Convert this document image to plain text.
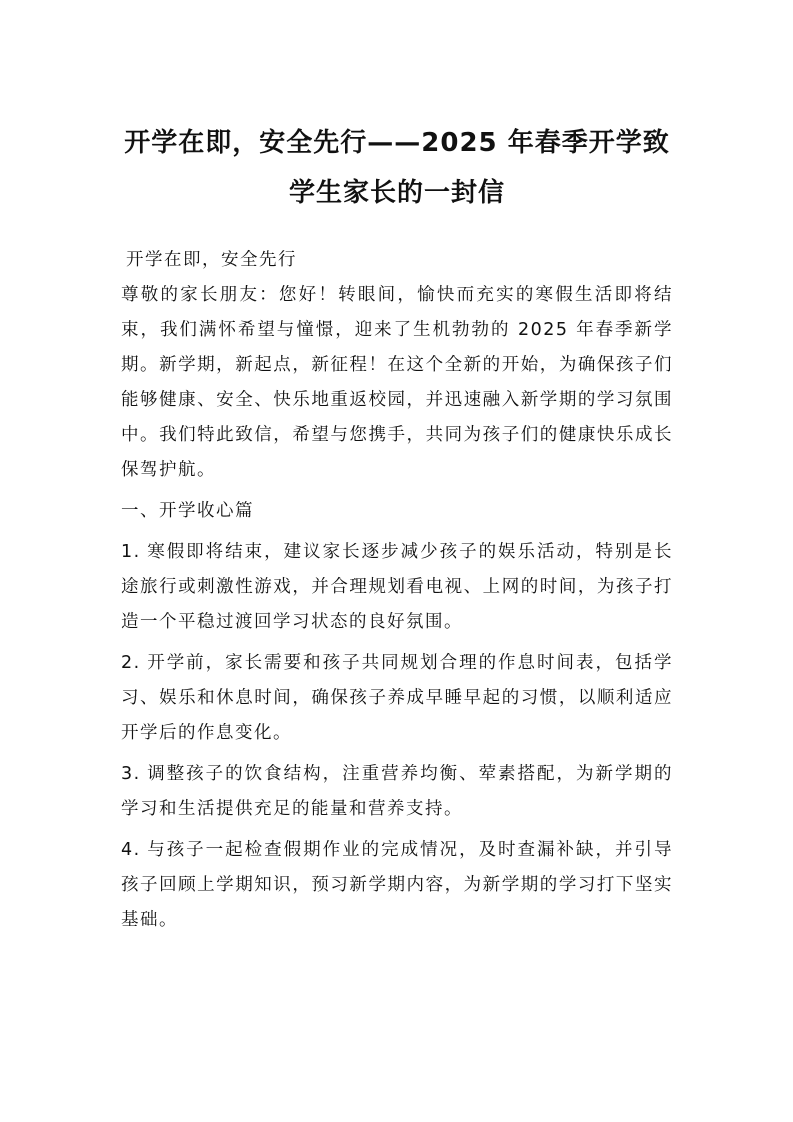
开学在即，安全先行——2025 年春季开学致
学生家长的一封信

开学在即，安全先行

尊敬的家长朋友：您好！转眼间，愉快而充实的寒假生活即将结束，我们满怀希望与憧憬，迎来了生机勃勃的 2025 年春季新学期。新学期，新起点，新征程！在这个全新的开始，为确保孩子们能够健康、安全、快乐地重返校园，并迅速融入新学期的学习氛围中。我们特此致信，希望与您携手，共同为孩子们的健康快乐成长保驾护航。

一、开学收心篇

1. 寒假即将结束，建议家长逐步减少孩子的娱乐活动，特别是长途旅行或刺激性游戏，并合理规划看电视、上网的时间，为孩子打造一个平稳过渡回学习状态的良好氛围。

2. 开学前，家长需要和孩子共同规划合理的作息时间表，包括学习、娱乐和休息时间，确保孩子养成早睡早起的习惯，以顺利适应开学后的作息变化。

3. 调整孩子的饮食结构，注重营养均衡、荤素搭配，为新学期的学习和生活提供充足的能量和营养支持。

4. 与孩子一起检查假期作业的完成情况，及时查漏补缺，并引导孩子回顾上学期知识，预习新学期内容，为新学期的学习打下坚实基础。
